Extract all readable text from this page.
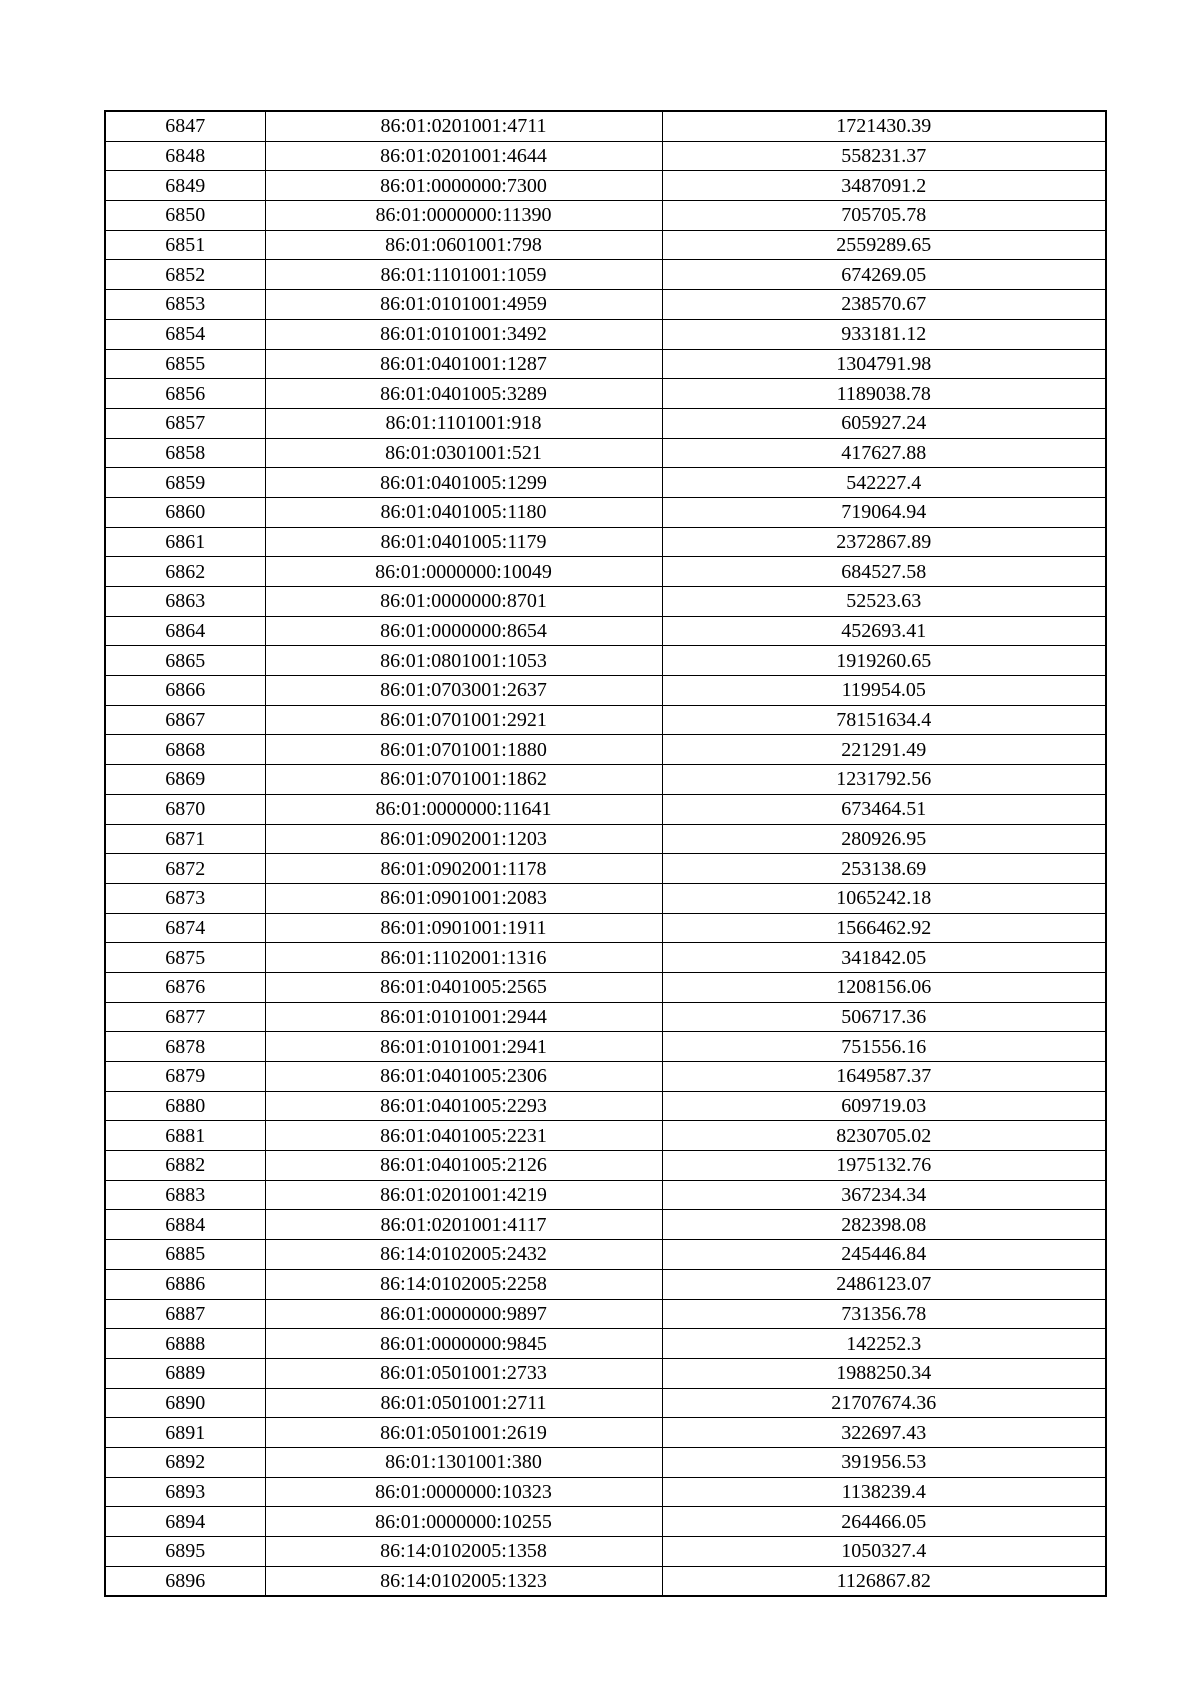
6847	86:01:0201001:4711	1721430.39
6848	86:01:0201001:4644	558231.37
6849	86:01:0000000:7300	3487091.2
6850	86:01:0000000:11390	705705.78
6851	86:01:0601001:798	2559289.65
6852	86:01:1101001:1059	674269.05
6853	86:01:0101001:4959	238570.67
6854	86:01:0101001:3492	933181.12
6855	86:01:0401001:1287	1304791.98
6856	86:01:0401005:3289	1189038.78
6857	86:01:1101001:918	605927.24
6858	86:01:0301001:521	417627.88
6859	86:01:0401005:1299	542227.4
6860	86:01:0401005:1180	719064.94
6861	86:01:0401005:1179	2372867.89
6862	86:01:0000000:10049	684527.58
6863	86:01:0000000:8701	52523.63
6864	86:01:0000000:8654	452693.41
6865	86:01:0801001:1053	1919260.65
6866	86:01:0703001:2637	119954.05
6867	86:01:0701001:2921	78151634.4
6868	86:01:0701001:1880	221291.49
6869	86:01:0701001:1862	1231792.56
6870	86:01:0000000:11641	673464.51
6871	86:01:0902001:1203	280926.95
6872	86:01:0902001:1178	253138.69
6873	86:01:0901001:2083	1065242.18
6874	86:01:0901001:1911	1566462.92
6875	86:01:1102001:1316	341842.05
6876	86:01:0401005:2565	1208156.06
6877	86:01:0101001:2944	506717.36
6878	86:01:0101001:2941	751556.16
6879	86:01:0401005:2306	1649587.37
6880	86:01:0401005:2293	609719.03
6881	86:01:0401005:2231	8230705.02
6882	86:01:0401005:2126	1975132.76
6883	86:01:0201001:4219	367234.34
6884	86:01:0201001:4117	282398.08
6885	86:14:0102005:2432	245446.84
6886	86:14:0102005:2258	2486123.07
6887	86:01:0000000:9897	731356.78
6888	86:01:0000000:9845	142252.3
6889	86:01:0501001:2733	1988250.34
6890	86:01:0501001:2711	21707674.36
6891	86:01:0501001:2619	322697.43
6892	86:01:1301001:380	391956.53
6893	86:01:0000000:10323	1138239.4
6894	86:01:0000000:10255	264466.05
6895	86:14:0102005:1358	1050327.4
6896	86:14:0102005:1323	1126867.82
